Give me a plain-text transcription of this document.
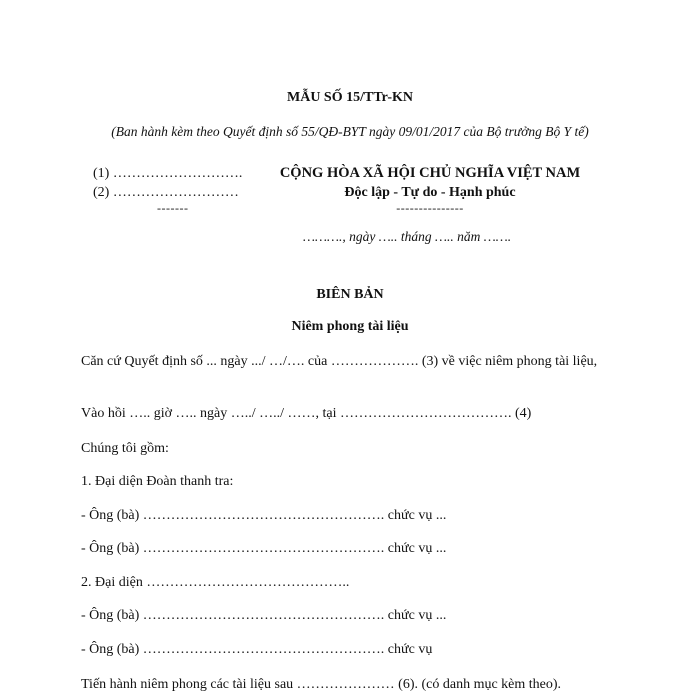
MẪU SỐ 15/TTr-KN
(Ban hành kèm theo Quyết định số 55/QĐ-BYT ngày 09/01/2017 của Bộ trưởng Bộ Y tế)
(1) ……………………….
(2) ………………………
-------
CỘNG HÒA XÃ HỘI CHỦ NGHĨA VIỆT NAM
Độc lập - Tự do - Hạnh phúc
---------------
………., ngày ….. tháng ….. năm …….
BIÊN BẢN
Niêm phong tài liệu
Căn cứ Quyết định số ... ngày .../ …/…. của ………………. (3) về việc niêm phong tài liệu,
Vào hồi ….. giờ ….. ngày …../ …../ ……, tại ………………………………. (4)
Chúng tôi gồm:
1. Đại diện Đoàn thanh tra:
- Ông (bà) ……………………………………………. chức vụ ...
- Ông (bà) ……………………………………………. chức vụ ...
2. Đại diện ……………………………………..
- Ông (bà) ……………………………………………. chức vụ ...
- Ông (bà) ……………………………………………. chức vụ
Tiến hành niêm phong các tài liệu sau ………………… (6). (có danh mục kèm theo).
